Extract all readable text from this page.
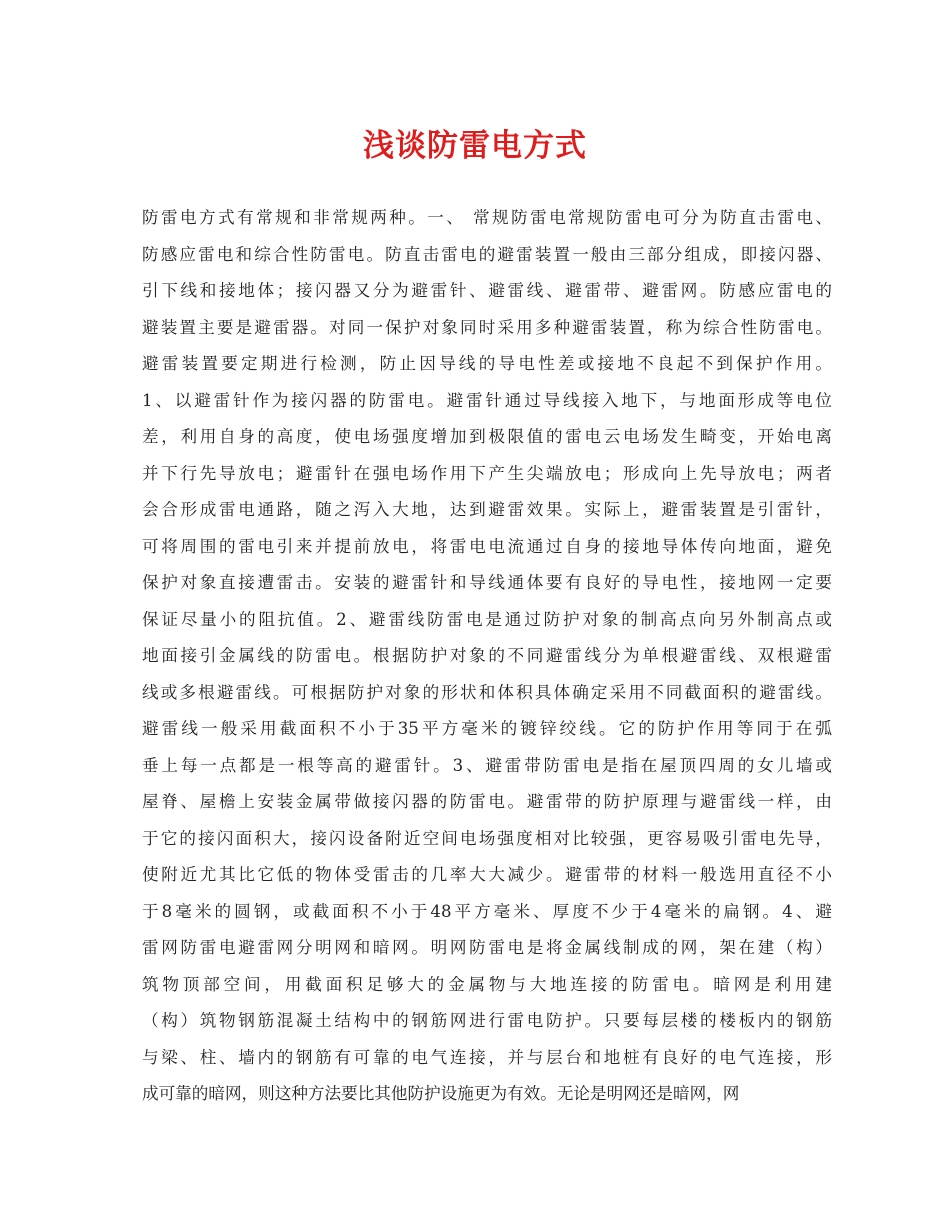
浅谈防雷电方式
防雷电方式有常规和非常规两种。一、 常规防雷电常规防雷电可分为防直击雷电、
防感应雷电和综合性防雷电。防直击雷电的避雷装置一般由三部分组成，即接闪器、
引下线和接地体；接闪器又分为避雷针、避雷线、避雷带、避雷网。防感应雷电的
避装置主要是避雷器。对同一保护对象同时采用多种避雷装置，称为综合性防雷电。
避雷装置要定期进行检测，防止因导线的导电性差或接地不良起不到保护作用。
1、以避雷针作为接闪器的防雷电。避雷针通过导线接入地下，与地面形成等电位
差，利用自身的高度，使电场强度增加到极限值的雷电云电场发生畸变，开始电离
并下行先导放电；避雷针在强电场作用下产生尖端放电；形成向上先导放电；两者
会合形成雷电通路，随之泻入大地，达到避雷效果。实际上，避雷装置是引雷针，
可将周围的雷电引来并提前放电，将雷电电流通过自身的接地导体传向地面，避免
保护对象直接遭雷击。安装的避雷针和导线通体要有良好的导电性，接地网一定要
保证尽量小的阻抗值。2、避雷线防雷电是通过防护对象的制高点向另外制高点或
地面接引金属线的防雷电。根据防护对象的不同避雷线分为单根避雷线、双根避雷
线或多根避雷线。可根据防护对象的形状和体积具体确定采用不同截面积的避雷线。
避雷线一般采用截面积不小于35平方毫米的镀锌绞线。它的防护作用等同于在弧
垂上每一点都是一根等高的避雷针。3、避雷带防雷电是指在屋顶四周的女儿墙或
屋脊、屋檐上安装金属带做接闪器的防雷电。避雷带的防护原理与避雷线一样，由
于它的接闪面积大，接闪设备附近空间电场强度相对比较强，更容易吸引雷电先导，
使附近尤其比它低的物体受雷击的几率大大减少。避雷带的材料一般选用直径不小
于8毫米的圆钢，或截面积不小于48平方毫米、厚度不少于4毫米的扁钢。4、避
雷网防雷电避雷网分明网和暗网。明网防雷电是将金属线制成的网，架在建（构）
筑物顶部空间，用截面积足够大的金属物与大地连接的防雷电。暗网是利用建
（构）筑物钢筋混凝土结构中的钢筋网进行雷电防护。只要每层楼的楼板内的钢筋
与梁、柱、墙内的钢筋有可靠的电气连接，并与层台和地桩有良好的电气连接，形
成可靠的暗网，则这种方法要比其他防护设施更为有效。无论是明网还是暗网，网
